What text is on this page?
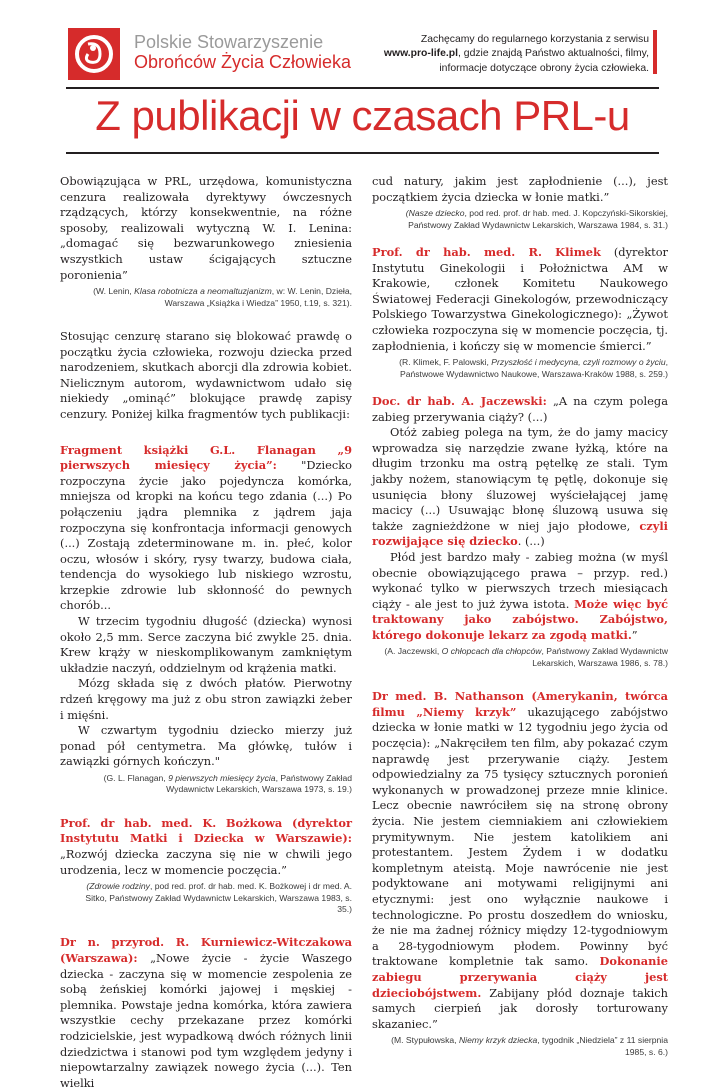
Polskie Stowarzyszenie
Obrońców Życia Człowieka
Zachęcamy do regularnego korzystania z serwisu
www.pro-life.pl, gdzie znajdą Państwo aktualności, filmy,
informacje dotyczące obrony życia człowieka.
Z publikacji w czasach PRL-u

Obowiązująca w PRL, urzędowa, komunistyczna cenzura realizowała dyrektywy ówczesnych rządzących, którzy konsekwentnie, na różne sposoby, realizowali wytyczną W. I. Lenina: „domagać się bezwarunkowego zniesienia wszystkich ustaw ścigających sztuczne poronienia”

(W. Lenin, Klasa robotnicza a neomaltuzjanizm, w: W. Lenin, Dzieła, Warszawa „Książka i Wiedza” 1950, t.19, s. 321).

Stosując cenzurę starano się blokować prawdę o początku życia człowieka, rozwoju dziecka przed narodzeniem, skutkach aborcji dla zdrowia kobiet. Nielicznym autorom, wydawnictwom udało się niekiedy „ominąć” blokujące prawdę zapisy cenzury. Poniżej kilka fragmentów tych publikacji:

Fragment książki G.L. Flanagan „9 pierwszych miesięcy życia”: "Dziecko rozpoczyna życie jako pojedyncza komórka, mniejsza od kropki na końcu tego zdania (...) Po połączeniu jądra plemnika z jądrem jaja rozpoczyna się konfrontacja informacji genowych (...) Zostają zdeterminowane m. in. płeć, kolor oczu, włosów i skóry, rysy twarzy, budowa ciała, tendencja do wysokiego lub niskiego wzrostu, krzepkie zdrowie lub skłonność do pewnych chorób...

W trzecim tygodniu długość (dziecka) wynosi około 2,5 mm. Serce zaczyna bić zwykle 25. dnia. Krew krąży w nieskomplikowanym zamkniętym układzie naczyń, oddzielnym od krążenia matki.

Mózg składa się z dwóch płatów. Pierwotny rdzeń kręgowy ma już z obu stron zawiązki żeber i mięśni.

W czwartym tygodniu dziecko mierzy już ponad pół centymetra. Ma główkę, tułów i zawiązki górnych kończyn."

(G. L. Flanagan, 9 pierwszych miesięcy życia, Państwowy Zakład Wydawnictw Lekarskich, Warszawa 1973, s. 19.)

Prof. dr hab. med. K. Bożkowa (dyrektor Instytutu Matki i Dziecka w Warszawie): „Rozwój dziecka zaczyna się nie w chwili jego urodzenia, lecz w momencie poczęcia.”

(Zdrowie rodziny, pod red. prof. dr hab. med. K. Bożkowej i dr med. A. Sitko, Państwowy Zakład Wydawnictw Lekarskich, Warszawa 1983, s. 35.)

Dr n. przyrod. R. Kurniewicz-Witczakowa (Warszawa): „Nowe życie - życie Waszego dziecka - zaczyna się w momencie zespolenia ze sobą żeńskiej komórki jajowej i męskiej - plemnika. Powstaje jedna komórka, która zawiera wszystkie cechy przekazane przez komórki rodzicielskie, jest wypadkową dwóch różnych linii dziedzictwa i stanowi pod tym względem jedyny i niepowtarzalny zawiązek nowego życia (...). Ten wielki

cud natury, jakim jest zapłodnienie (...), jest początkiem życia dziecka w łonie matki.”

(Nasze dziecko, pod red. prof. dr hab. med. J. Kopczyński-Sikorskiej, Państwowy Zakład Wydawnictw Lekarskich, Warszawa 1984, s. 31.)

Prof. dr hab. med. R. Klimek (dyrektor Instytutu Ginekologii i Położnictwa AM w Krakowie, członek Komitetu Naukowego Światowej Federacji Ginekologów, przewodniczący Polskiego Towarzystwa Ginekologicznego): „Żywot człowieka rozpoczyna się w momencie poczęcia, tj. zapłodnienia, i kończy się w momencie śmierci.”

(R. Klimek, F. Palowski, Przyszłość i medycyna, czyli rozmowy o życiu, Państwowe Wydawnictwo Naukowe, Warszawa-Kraków 1988, s. 259.)

Doc. dr hab. A. Jaczewski: „A na czym polega zabieg przerywania ciąży? (...)

Otóż zabieg polega na tym, że do jamy macicy wprowadza się narzędzie zwane łyżką, które na długim trzonku ma ostrą pętelkę ze stali. Tym jakby nożem, stanowiącym tę pętlę, dokonuje się usunięcia błony śluzowej wyściełającej jamę macicy (...) Usuwając błonę śluzową usuwa się także zagnieżdżone w niej jajo płodowe, czyli rozwijające się dziecko. (...)

Płód jest bardzo mały - zabieg można (w myśl obecnie obowiązującego prawa – przyp. red.) wykonać tylko w pierwszych trzech miesiącach ciąży - ale jest to już żywa istota. Może więc być traktowany jako zabójstwo. Zabójstwo, którego dokonuje lekarz za zgodą matki.”

(A. Jaczewski, O chłopcach dla chłopców, Państwowy Zakład Wydawnictw Lekarskich, Warszawa 1986, s. 78.)

Dr med. B. Nathanson (Amerykanin, twórca filmu „Niemy krzyk” ukazującego zabójstwo dziecka w łonie matki w 12 tygodniu jego życia od poczęcia): „Nakręciłem ten film, aby pokazać czym naprawdę jest przerywanie ciąży. Jestem odpowiedzialny za 75 tysięcy sztucznych poronień wykonanych w prowadzonej przeze mnie klinice. Lecz obecnie nawróciłem się na stronę obrony życia. Nie jestem ciemniakiem ani człowiekiem prymitywnym. Nie jestem katolikiem ani protestantem. Jestem Żydem i w dodatku kompletnym ateistą. Moje nawrócenie nie jest podyktowane ani motywami religijnymi ani etycznymi: jest ono wyłącznie naukowe i technologiczne. Po prostu doszedłem do wniosku, że nie ma żadnej różnicy między 12-tygodniowym a 28-tygodniowym płodem. Powinny być traktowane kompletnie tak samo. Dokonanie zabiegu przerywania ciąży jest dzieciobójstwem. Zabijany płód doznaje takich samych cierpień jak dorosły torturowany skazaniec.”

(M. Stypułowska, Niemy krzyk dziecka, tygodnik „Niedziela” z 11 sierpnia 1985, s. 6.)
